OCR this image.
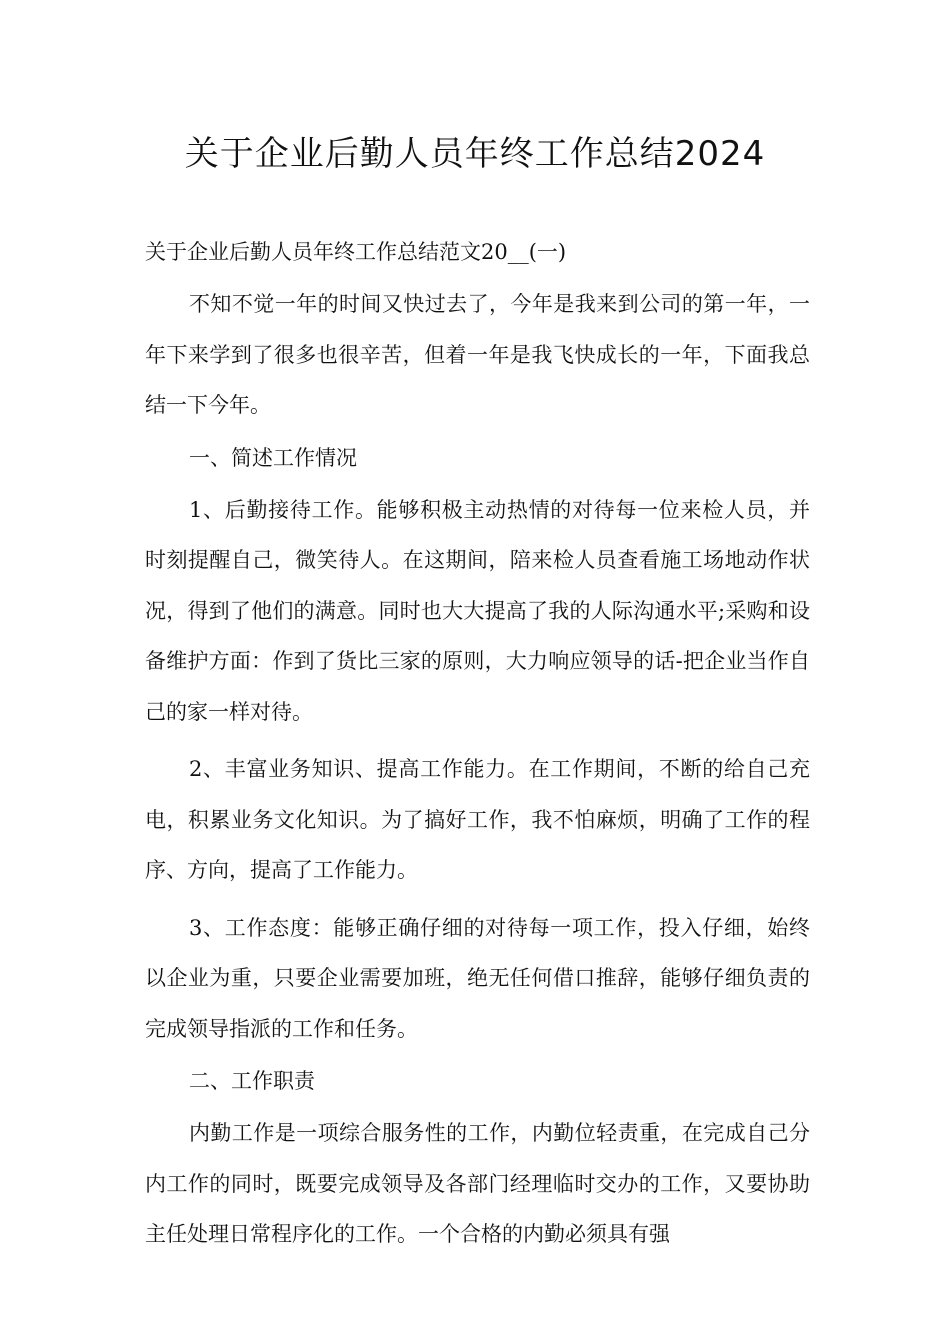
关于企业后勤人员年终工作总结2024

关于企业后勤人员年终工作总结范文20__(一)

不知不觉一年的时间又快过去了，今年是我来到公司的第一年，一年下来学到了很多也很辛苦，但着一年是我飞快成长的一年，下面我总结一下今年。

一、简述工作情况

1、后勤接待工作。能够积极主动热情的对待每一位来检人员，并时刻提醒自己，微笑待人。在这期间，陪来检人员查看施工场地动作状况，得到了他们的满意。同时也大大提高了我的人际沟通水平;采购和设备维护方面：作到了货比三家的原则，大力响应领导的话-把企业当作自己的家一样对待。

2、丰富业务知识、提高工作能力。在工作期间，不断的给自己充电，积累业务文化知识。为了搞好工作，我不怕麻烦，明确了工作的程序、方向，提高了工作能力。

3、工作态度：能够正确仔细的对待每一项工作，投入仔细，始终以企业为重，只要企业需要加班，绝无任何借口推辞，能够仔细负责的完成领导指派的工作和任务。

二、工作职责

内勤工作是一项综合服务性的工作，内勤位轻责重，在完成自己分内工作的同时，既要完成领导及各部门经理临时交办的工作，又要协助主任处理日常程序化的工作。一个合格的内勤必须具有强
